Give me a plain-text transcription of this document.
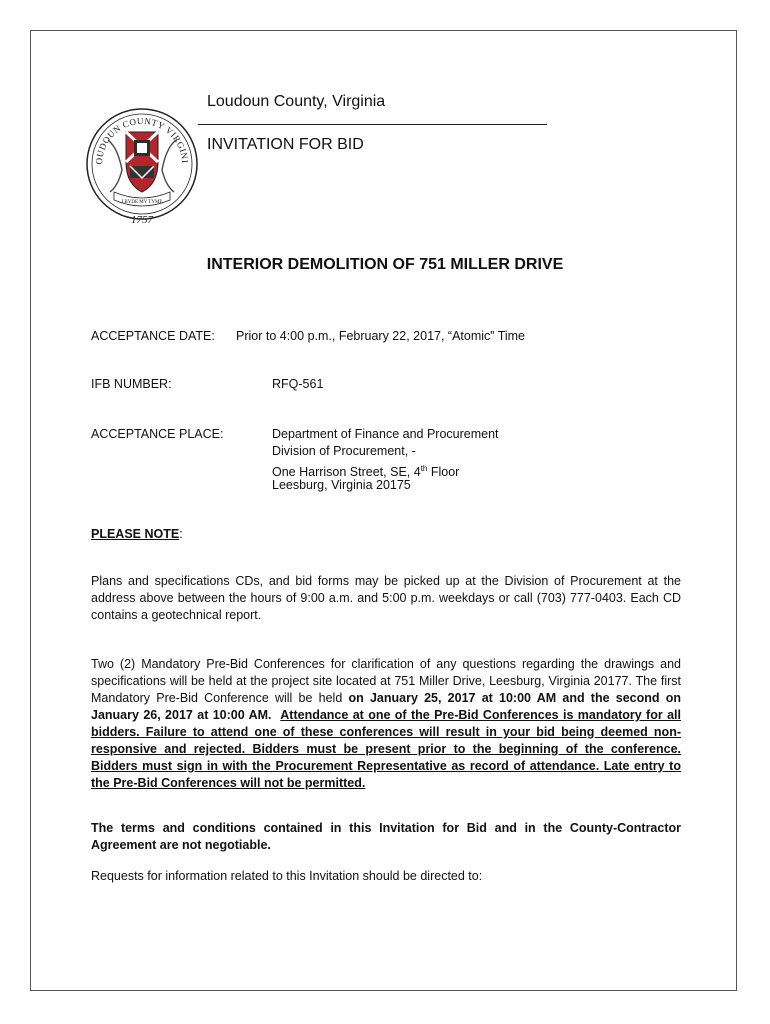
OUDOUN COUNTY VIRGINI
1757
I BYDE MY TYME
Loudoun County, Virginia
INVITATION FOR BID
INTERIOR DEMOLITION OF 751 MILLER DRIVE
ACCEPTANCE DATE: Prior to 4:00 p.m., February 22, 2017, “Atomic” Time
IFB NUMBER:	RFQ-561
ACCEPTANCE PLACE:	Department of Finance and Procurement
Division of Procurement, -
One Harrison Street, SE, 4th Floor
Leesburg, Virginia 20175
PLEASE NOTE:
Plans and specifications CDs, and bid forms may be picked up at the Division of Procurement at the address above between the hours of 9:00 a.m. and 5:00 p.m. weekdays or call (703) 777-0403. Each CD contains a geotechnical report.
Two (2) Mandatory Pre-Bid Conferences for clarification of any questions regarding the drawings and specifications will be held at the project site located at 751 Miller Drive, Leesburg, Virginia 20177. The first Mandatory Pre-Bid Conference will be held on January 25, 2017 at 10:00 AM and the second on January 26, 2017 at 10:00 AM. Attendance at one of the Pre-Bid Conferences is mandatory for all bidders. Failure to attend one of these conferences will result in your bid being deemed non-responsive and rejected. Bidders must be present prior to the beginning of the conference. Bidders must sign in with the Procurement Representative as record of attendance. Late entry to the Pre-Bid Conferences will not be permitted.
The terms and conditions contained in this Invitation for Bid and in the County-Contractor Agreement are not negotiable.
Requests for information related to this Invitation should be directed to:
